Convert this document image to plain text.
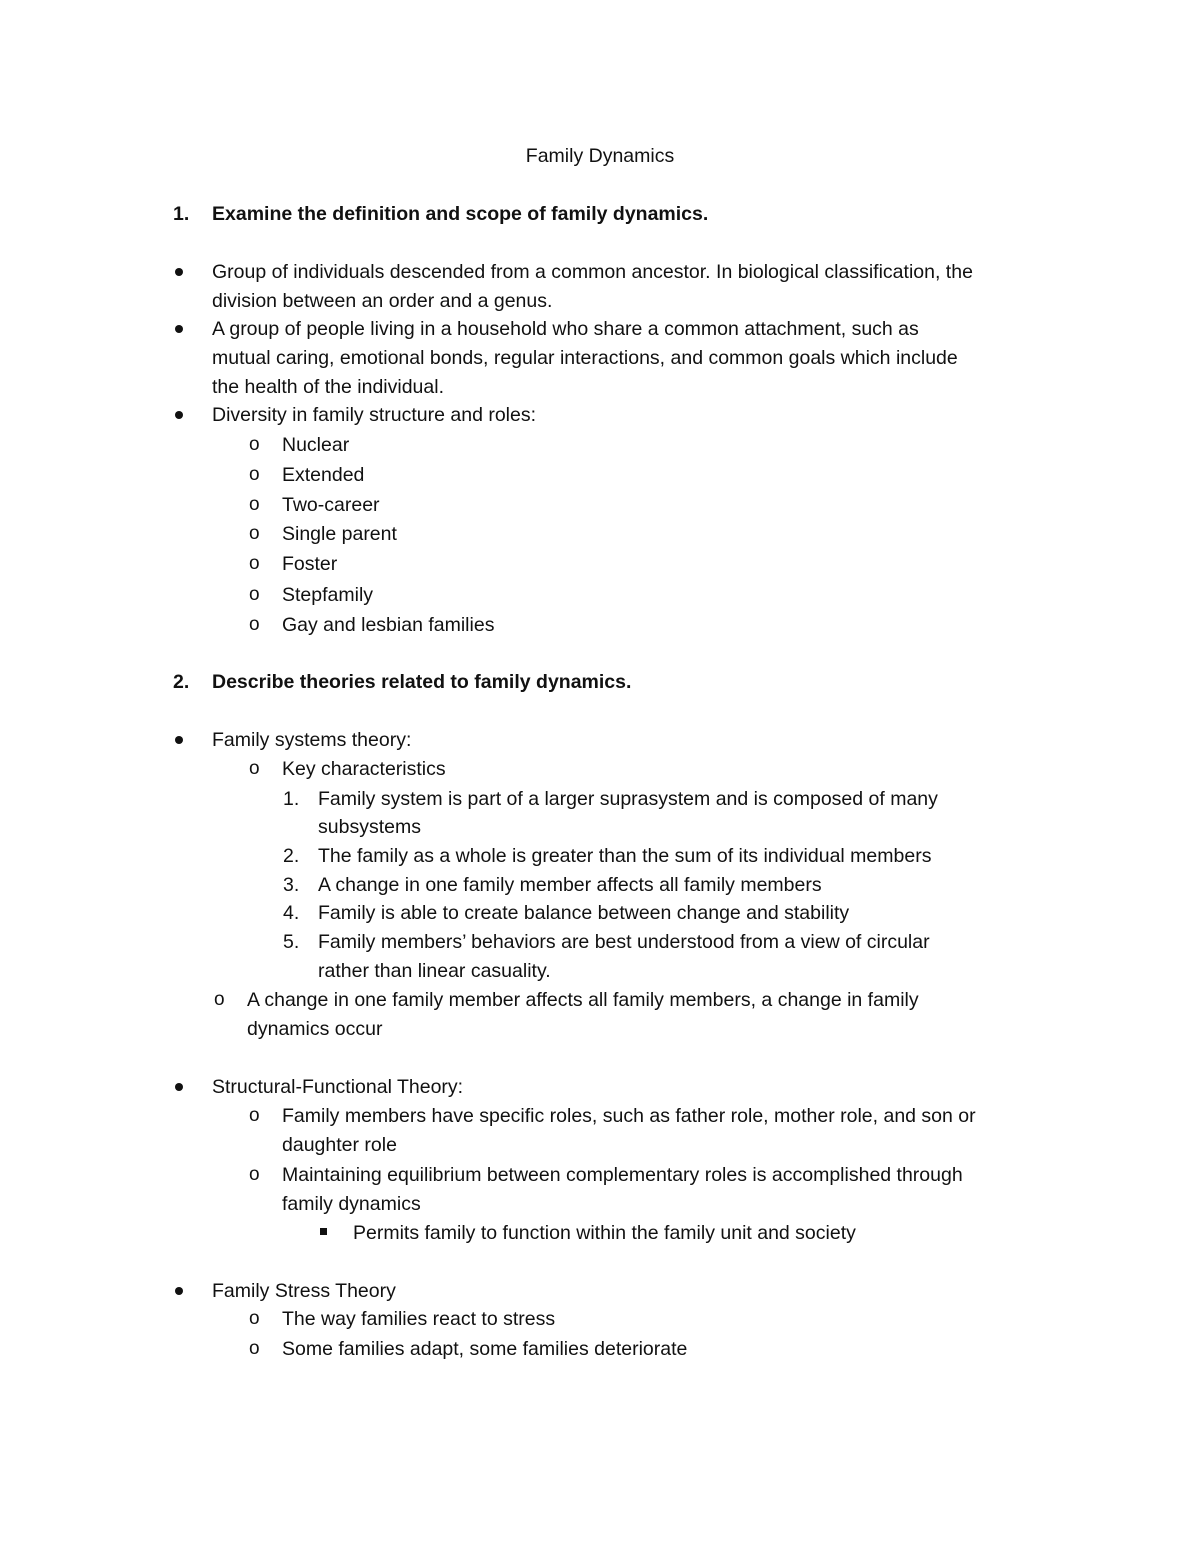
Family Dynamics
1. Examine the definition and scope of family dynamics.
Group of individuals descended from a common ancestor. In biological classification, the
division between an order and a genus.
A group of people living in a household who share a common attachment, such as
mutual caring, emotional bonds, regular interactions, and common goals which include
the health of the individual.
Diversity in family structure and roles:
o Nuclear
o Extended
o Two-career
o Single parent
o Foster
o Stepfamily
o Gay and lesbian families
2. Describe theories related to family dynamics.
Family systems theory:
o Key characteristics
1. Family system is part of a larger suprasystem and is composed of many
subsystems
2. The family as a whole is greater than the sum of its individual members
3. A change in one family member affects all family members
4. Family is able to create balance between change and stability
5. Family members’ behaviors are best understood from a view of circular
rather than linear casuality.
o A change in one family member affects all family members, a change in family
dynamics occur
Structural-Functional Theory:
o Family members have specific roles, such as father role, mother role, and son or
daughter role
o Maintaining equilibrium between complementary roles is accomplished through
family dynamics
Permits family to function within the family unit and society
Family Stress Theory
o The way families react to stress
o Some families adapt, some families deteriorate
